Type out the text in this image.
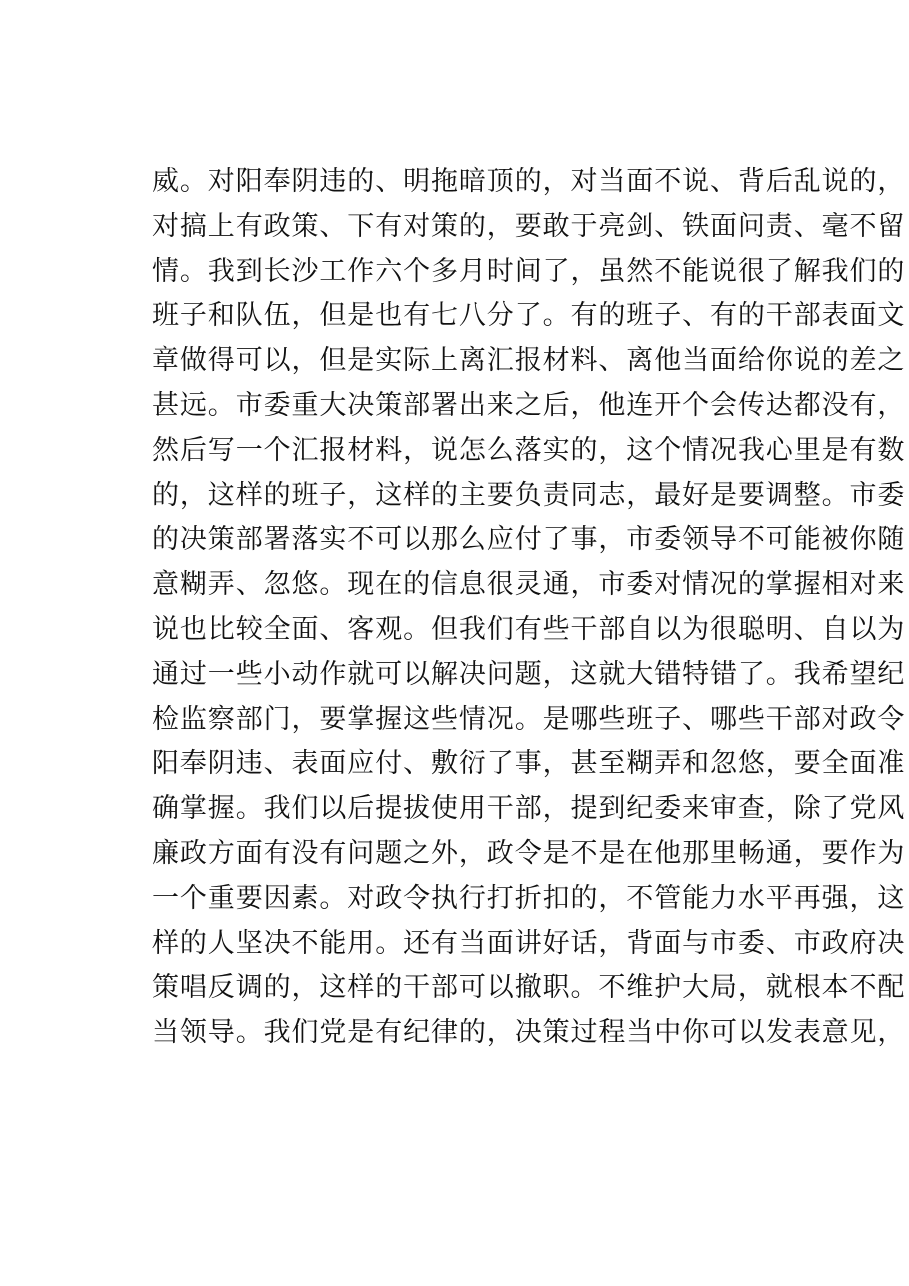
威。对阳奉阴违的、明拖暗顶的，对当面不说、背后乱说的，
对搞上有政策、下有对策的，要敢于亮剑、铁面问责、毫不留
情。我到长沙工作六个多月时间了，虽然不能说很了解我们的
班子和队伍，但是也有七八分了。有的班子、有的干部表面文
章做得可以，但是实际上离汇报材料、离他当面给你说的差之
甚远。市委重大决策部署出来之后，他连开个会传达都没有，
然后写一个汇报材料，说怎么落实的，这个情况我心里是有数
的，这样的班子，这样的主要负责同志，最好是要调整。市委
的决策部署落实不可以那么应付了事，市委领导不可能被你随
意糊弄、忽悠。现在的信息很灵通，市委对情况的掌握相对来
说也比较全面、客观。但我们有些干部自以为很聪明、自以为
通过一些小动作就可以解决问题，这就大错特错了。我希望纪
检监察部门，要掌握这些情况。是哪些班子、哪些干部对政令
阳奉阴违、表面应付、敷衍了事，甚至糊弄和忽悠，要全面准
确掌握。我们以后提拔使用干部，提到纪委来审查，除了党风
廉政方面有没有问题之外，政令是不是在他那里畅通，要作为
一个重要因素。对政令执行打折扣的，不管能力水平再强，这
样的人坚决不能用。还有当面讲好话，背面与市委、市政府决
策唱反调的，这样的干部可以撤职。不维护大局，就根本不配
当领导。我们党是有纪律的，决策过程当中你可以发表意见，
